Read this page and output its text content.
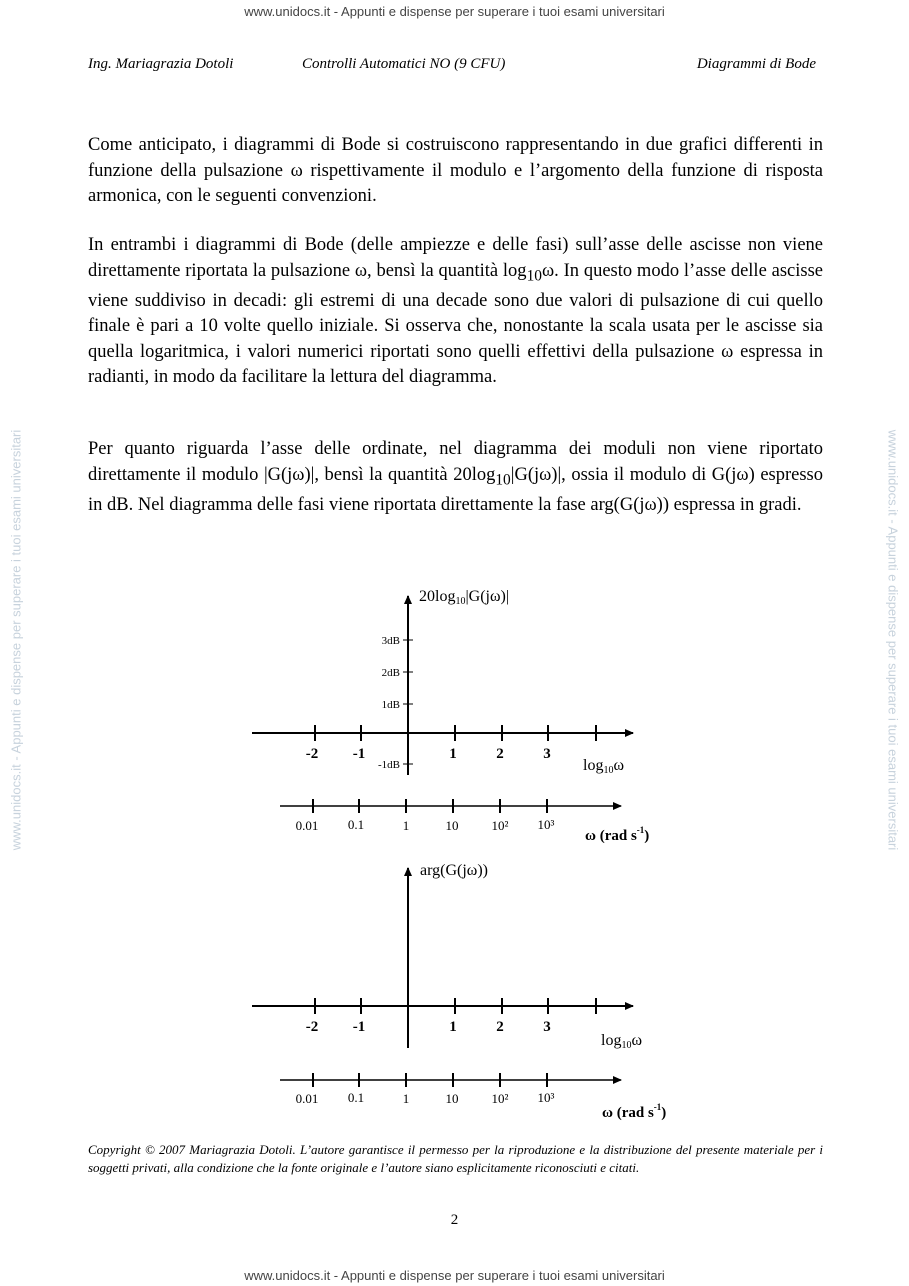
www.unidocs.it - Appunti e dispense per superare i tuoi esami universitari
www.unidocs.it - Appunti e dispense per superare i tuoi esami universitari	www.unidocs.it - Appunti e dispense per superare i tuoi esami universitari
Ing. Mariagrazia Dotoli	Controlli Automatici NO (9 CFU)	Diagrammi di Bode

Come anticipato, i diagrammi di Bode si costruiscono rappresentando in due grafici differenti in funzione della pulsazione ω rispettivamente il modulo e l’argomento della funzione di risposta armonica, con le seguenti convenzioni.

In entrambi i diagrammi di Bode (delle ampiezze e delle fasi) sull’asse delle ascisse non viene direttamente riportata la pulsazione ω, bensì la quantità $\log_{10}\omega$. In questo modo l’asse delle ascisse viene suddiviso in decadi: gli estremi di una decade sono due valori di pulsazione di cui quello finale è pari a 10 volte quello iniziale. Si osserva che, nonostante la scala usata per le ascisse sia quella logaritmica, i valori numerici riportati sono quelli effettivi della pulsazione ω espressa in radianti, in modo da facilitare la lettura del diagramma.

Per quanto riguarda l’asse delle ordinate, nel diagramma dei moduli non viene riportato direttamente il modulo |G(jω)|, bensì la quantità $20\log_{10}|G(j\omega)|$, ossia il modulo di G(jω) espresso in dB. Nel diagramma delle fasi viene riportata direttamente la fase arg(G(jω)) espressa in gradi.

3dB
2dB
1dB
-1dB
-2 -1	1	2	3
20log10|G(jω)|
log10ω
0.01 0.1	1	10	10² 10³
ω (rad $s^{-1}$)
-2 -1	1	2	3
arg(G(jω))
log10ω
0.01 0.1	1	10	10² 10³
ω (rad $s^{-1}$)

Copyright © 2007 Mariagrazia Dotoli. L’autore garantisce il permesso per la riproduzione e la distribuzione del presente materiale per i soggetti privati, alla condizione che la fonte originale e l’autore siano esplicitamente riconosciuti e citati.

2
www.unidocs.it - Appunti e dispense per superare i tuoi esami universitari
